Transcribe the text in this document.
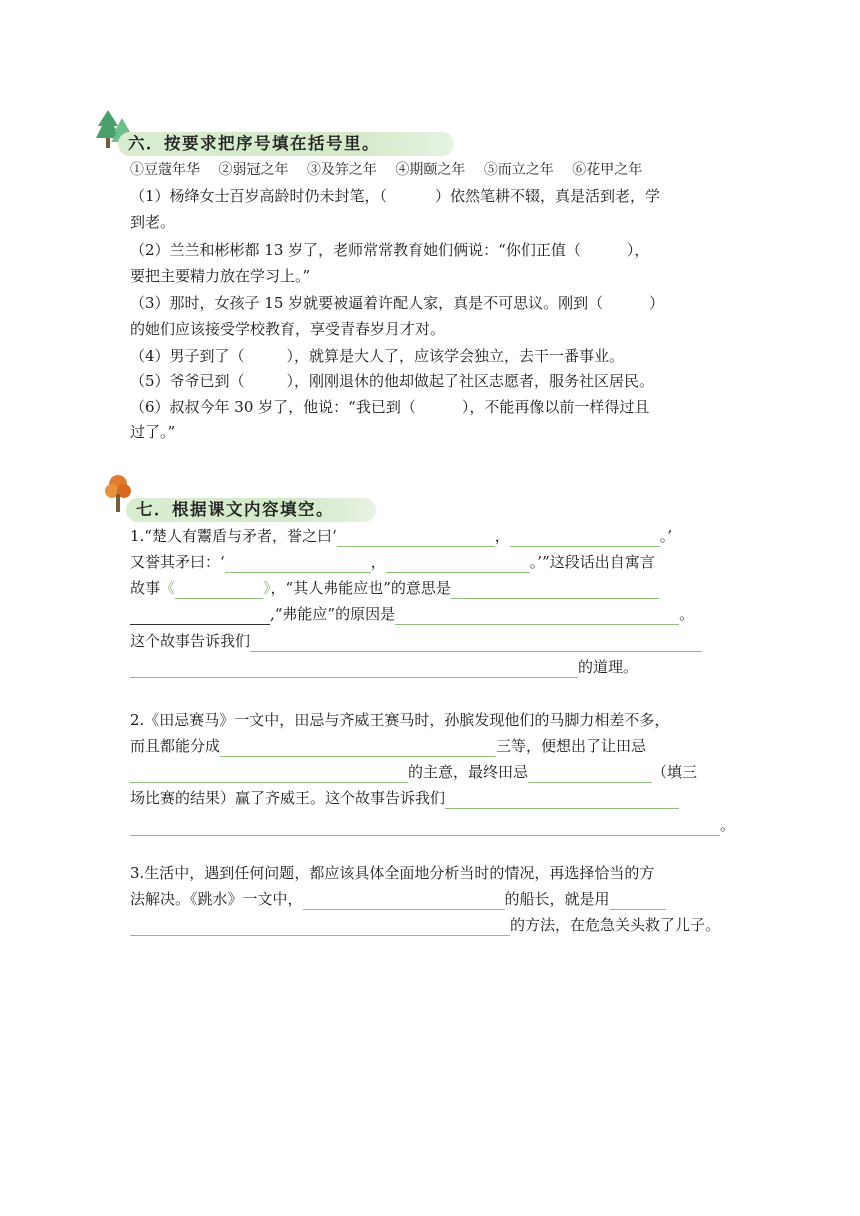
六．按要求把序号填在括号里。
①豆蔻年华 ②弱冠之年 ③及笄之年 ④期颐之年 ⑤而立之年 ⑥花甲之年
（1）杨绛女士百岁高龄时仍未封笔，（	）依然笔耕不辍，真是活到老，学
到老。
（2）兰兰和彬彬都 13 岁了，老师常常教育她们俩说：“你们正值（	），
要把主要精力放在学习上。”
（3）那时，女孩子 15 岁就要被逼着许配人家，真是不可思议。刚到（	）
的她们应该接受学校教育，享受青春岁月才对。
（4）男子到了（	），就算是大人了，应该学会独立，去干一番事业。
（5）爷爷已到（	），刚刚退休的他却做起了社区志愿者，服务社区居民。
（6）叔叔今年 30 岁了，他说：“我已到（	），不能再像以前一样得过且
过了。”
七．根据课文内容填空。
1.“楚人有鬻盾与矛者，誉之曰‘	，	。’
又誉其矛曰：‘	，	。’”这段话出自寓言
故事《	》，“其人弗能应也”的意思是
,“弗能应”的原因是	。
这个故事告诉我们
的道理。
2.《田忌赛马》一文中，田忌与齐威王赛马时，孙膑发现他们的马脚力相差不多，
而且都能分成	三等，便想出了让田忌
的主意，最终田忌	（填三
场比赛的结果）赢了齐威王。这个故事告诉我们
。
3.生活中，遇到任何问题，都应该具体全面地分析当时的情况，再选择恰当的方
法解决。《跳水》一文中，	的船长，就是用
的方法，在危急关头救了儿子。
